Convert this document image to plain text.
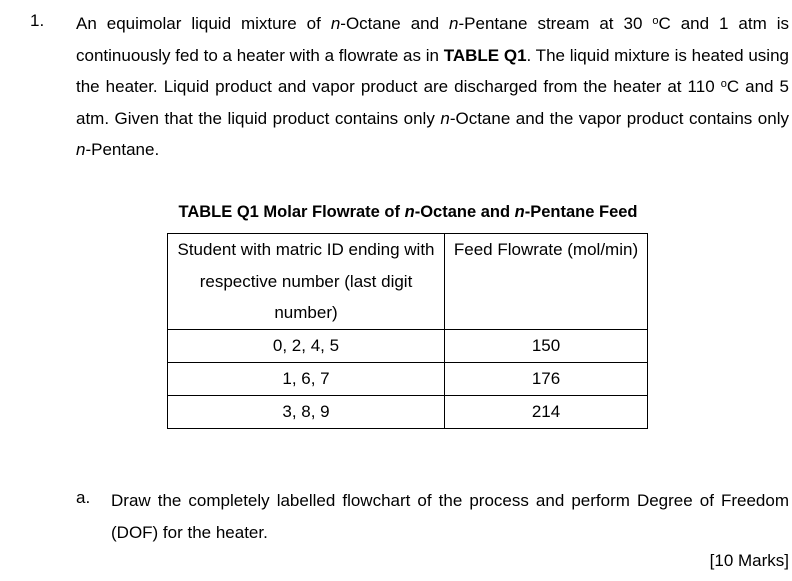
1. An equimolar liquid mixture of n-Octane and n-Pentane stream at 30 $^o$C and 1 atm is continuously fed to a heater with a flowrate as in TABLE Q1. The liquid mixture is heated using the heater. Liquid product and vapor product are discharged from the heater at 110 $^o$C and 5 atm. Given that the liquid product contains only n-Octane and the vapor product contains only n-Pentane.
TABLE Q1 Molar Flowrate of n-Octane and n-Pentane Feed
Student with matric ID ending with respective number (last digit number)	Feed Flowrate (mol/min)
0, 2, 4, 5	150
1, 6, 7	176
3, 8, 9	214
a. Draw the completely labelled flowchart of the process and perform Degree of Freedom (DOF) for the heater.
[10 Marks]
